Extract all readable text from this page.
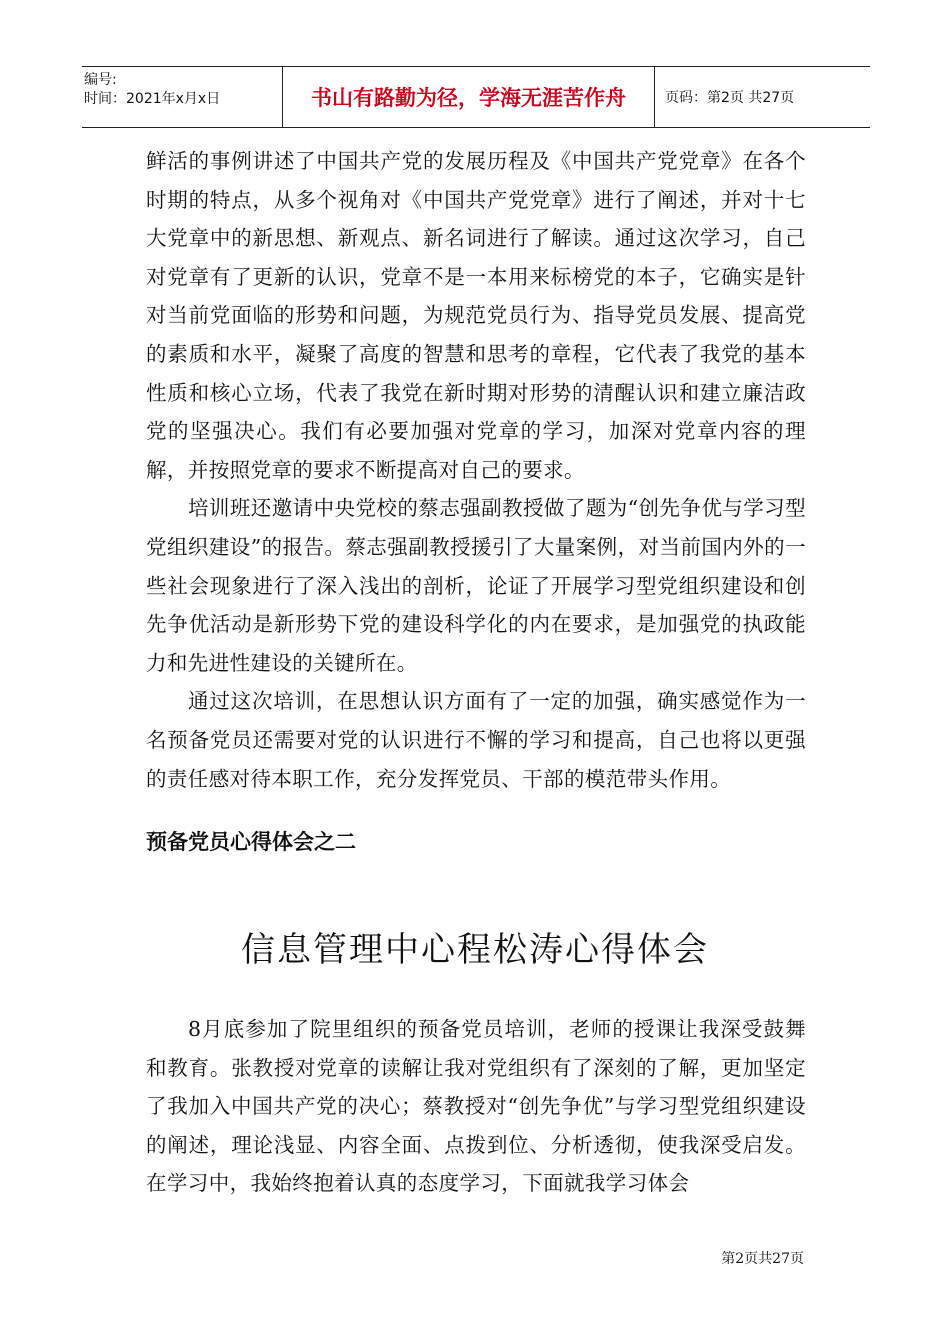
编号:
时间：2021年x月x日	书山有路勤为径，学海无涯苦作舟	页码：第2页 共27页

鲜活的事例讲述了中国共产党的发展历程及《中国共产党党章》在各个时期的特点，从多个视角对《中国共产党党章》进行了阐述，并对十七大党章中的新思想、新观点、新名词进行了解读。通过这次学习，自己对党章有了更新的认识，党章不是一本用来标榜党的本子，它确实是针对当前党面临的形势和问题，为规范党员行为、指导党员发展、提高党的素质和水平，凝聚了高度的智慧和思考的章程，它代表了我党的基本性质和核心立场，代表了我党在新时期对形势的清醒认识和建立廉洁政党的坚强决心。我们有必要加强对党章的学习，加深对党章内容的理解，并按照党章的要求不断提高对自己的要求。

培训班还邀请中央党校的蔡志强副教授做了题为“创先争优与学习型党组织建设”的报告。蔡志强副教授援引了大量案例，对当前国内外的一些社会现象进行了深入浅出的剖析，论证了开展学习型党组织建设和创先争优活动是新形势下党的建设科学化的内在要求，是加强党的执政能力和先进性建设的关键所在。

通过这次培训，在思想认识方面有了一定的加强，确实感觉作为一名预备党员还需要对党的认识进行不懈的学习和提高，自己也将以更强的责任感对待本职工作，充分发挥党员、干部的模范带头作用。

预备党员心得体会之二
信息管理中心程松涛心得体会

8月底参加了院里组织的预备党员培训，老师的授课让我深受鼓舞和教育。张教授对党章的读解让我对党组织有了深刻的了解，更加坚定了我加入中国共产党的决心；蔡教授对“创先争优”与学习型党组织建设的阐述，理论浅显、内容全面、点拨到位、分析透彻，使我深受启发。在学习中，我始终抱着认真的态度学习，下面就我学习体会

第2页共27页
